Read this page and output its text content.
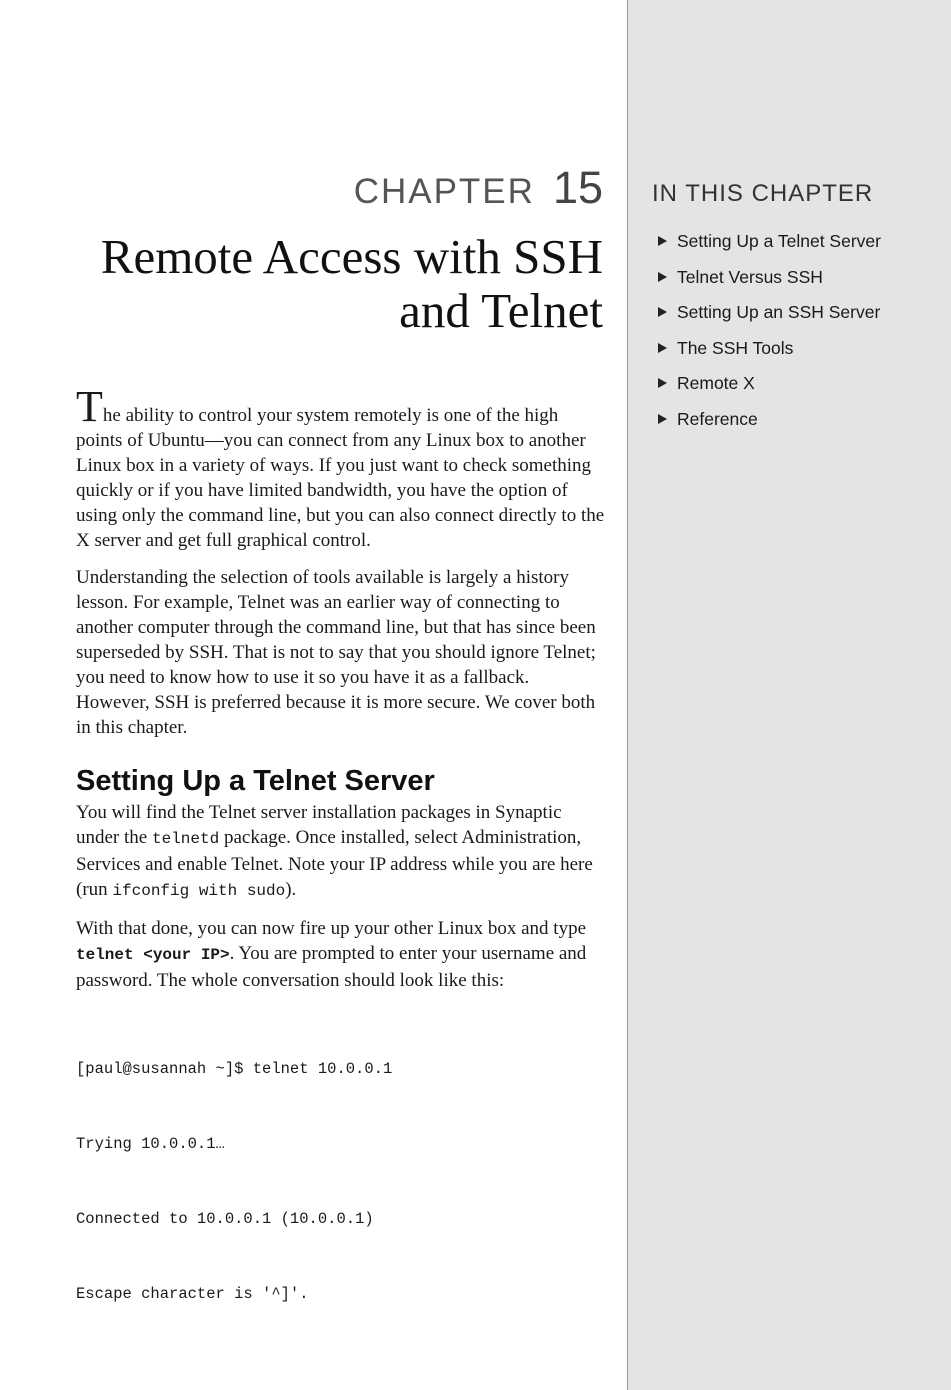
IN THIS CHAPTER
Setting Up a Telnet Server
Telnet Versus SSH
Setting Up an SSH Server
The SSH Tools
Remote X
Reference
CHAPTER 15
Remote Access with SSH
and Telnet

The ability to control your system remotely is one of the high points of Ubuntu—you can connect from any Linux box to another Linux box in a variety of ways. If you just want to check something quickly or if you have limited bandwidth, you have the option of using only the command line, but you can also connect directly to the X server and get full graphical control.

Understanding the selection of tools available is largely a history lesson. For example, Telnet was an earlier way of connecting to another computer through the command line, but that has since been superseded by SSH. That is not to say that you should ignore Telnet; you need to know how to use it so you have it as a fallback. However, SSH is preferred because it is more secure. We cover both in this chapter.

Setting Up a Telnet Server

You will find the Telnet server installation packages in Synaptic under the telnetd package. Once installed, select Administration, Services and enable Telnet. Note your IP address while you are here (run ifconfig with sudo).

With that done, you can now fire up your other Linux box and type telnet <your IP>. You are prompted to enter your username and password. The whole conversation should look like this:

[paul@susannah ~]$ telnet 10.0.0.1

Trying 10.0.0.1…

Connected to 10.0.0.1 (10.0.0.1)

Escape character is '^]'.
